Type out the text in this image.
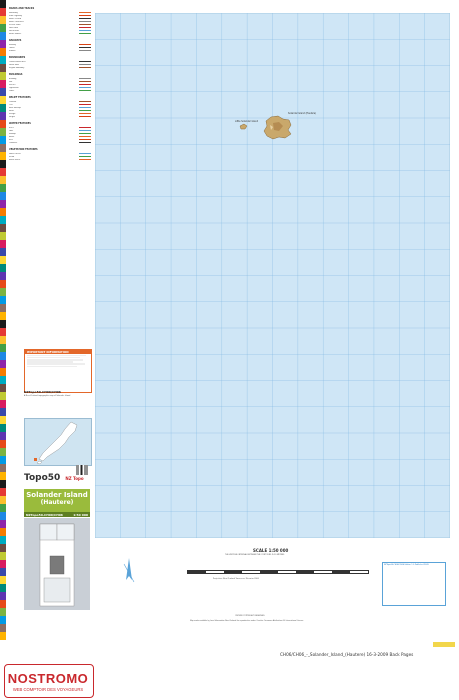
ROADS AND TRACKS
Motorway
State highway
Road - sealed
Road - unsealed
Vehicle track
Foot track
Poled route
Route marker
RAILWAYS
Railway
Tunnel
Station
BOUNDARIES
Conservation area
Public land
Region boundary
BUILDINGS
Building
Hut
Shelter
Lighthouse
Tower
RELIEF FEATURES
Contour
Cliff
Rock outcrop
Sand
Shingle
Height
WATER FEATURES
River
Lake
Swamp
Rocks
Reef
Coastline
VEGETATION FEATURES
Native forest
Scrub
Exotic forest
IMPORTANT INFORMATION
NZTopo50-CH06/CH06
A New Zealand topographic map of Solander Island
Topo50 NZ Topo
Solander Island
(Hautere)
NZTopo50-CH06/CH06	1:50 000
Little Solander Island
Solander Island (Hautere)
SCALE 1:50 000
THE VERTICAL INTERVAL BETWEEN THE CONTOURS IS 20 METRES
Projection: New Zealand Transverse Mercator 2000
CROWN COPYRIGHT RESERVED
Map made available by Land Information New Zealand for reproduction under Creative Commons Attribution 4.0 International Licence
NZTopo50-CH06/CH06 Edition 1.0 Published 2009
CH06/CH06_-_Solander_Island_(Hautere) 16-3-2009 Back Pages
NOSTROMO
WEB COMPTOIR DES VOYAGEURS
